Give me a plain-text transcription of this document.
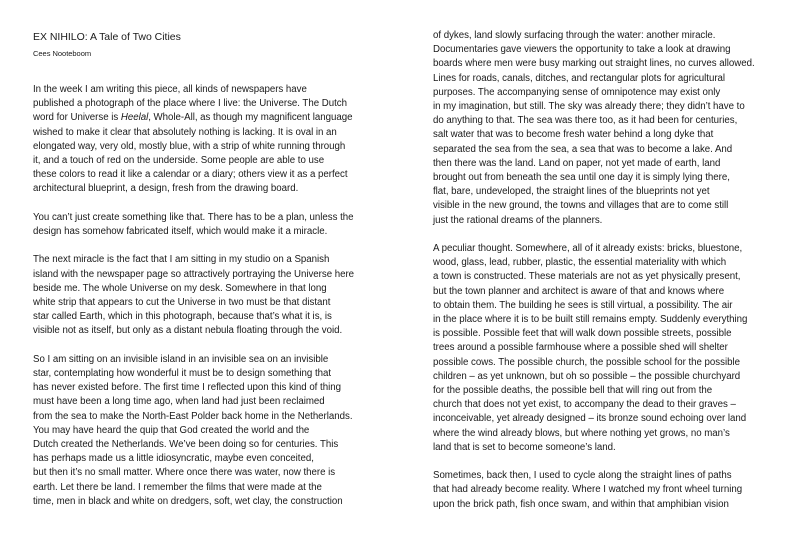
EX NIHILO: A Tale of Two Cities
Cees Nooteboom

In the week I am writing this piece, all kinds of newspapers have
published a photograph of the place where I live: the Universe. The Dutch
word for Universe is Heelal, Whole-All, as though my magnificent language
wished to make it clear that absolutely nothing is lacking. It is oval in an
elongated way, very old, mostly blue, with a strip of white running through
it, and a touch of red on the underside. Some people are able to use
these colors to read it like a calendar or a diary; others view it as a perfect
architectural blueprint, a design, fresh from the drawing board.

You can’t just create something like that. There has to be a plan, unless the
design has somehow fabricated itself, which would make it a miracle.

The next miracle is the fact that I am sitting in my studio on a Spanish
island with the newspaper page so attractively portraying the Universe here
beside me. The whole Universe on my desk. Somewhere in that long
white strip that appears to cut the Universe in two must be that distant
star called Earth, which in this photograph, because that’s what it is, is
visible not as itself, but only as a distant nebula floating through the void.

So I am sitting on an invisible island in an invisible sea on an invisible
star, contemplating how wonderful it must be to design something that
has never existed before. The first time I reflected upon this kind of thing
must have been a long time ago, when land had just been reclaimed
from the sea to make the North-East Polder back home in the Netherlands.
You may have heard the quip that God created the world and the
Dutch created the Netherlands. We’ve been doing so for centuries. This
has perhaps made us a little idiosyncratic, maybe even conceited,
but then it’s no small matter. Where once there was water, now there is
earth. Let there be land. I remember the films that were made at the
time, men in black and white on dredgers, soft, wet clay, the construction

of dykes, land slowly surfacing through the water: another miracle.
Documentaries gave viewers the opportunity to take a look at drawing
boards where men were busy marking out straight lines, no curves allowed.
Lines for roads, canals, ditches, and rectangular plots for agricultural
purposes. The accompanying sense of omnipotence may exist only
in my imagination, but still. The sky was already there; they didn’t have to
do anything to that. The sea was there too, as it had been for centuries,
salt water that was to become fresh water behind a long dyke that
separated the sea from the sea, a sea that was to become a lake. And
then there was the land. Land on paper, not yet made of earth, land
brought out from beneath the sea until one day it is simply lying there,
flat, bare, undeveloped, the straight lines of the blueprints not yet
visible in the new ground, the towns and villages that are to come still
just the rational dreams of the planners.

A peculiar thought. Somewhere, all of it already exists: bricks, bluestone,
wood, glass, lead, rubber, plastic, the essential materiality with which
a town is constructed. These materials are not as yet physically present,
but the town planner and architect is aware of that and knows where
to obtain them. The building he sees is still virtual, a possibility. The air
in the place where it is to be built still remains empty. Suddenly everything
is possible. Possible feet that will walk down possible streets, possible
trees around a possible farmhouse where a possible shed will shelter
possible cows. The possible church, the possible school for the possible
children – as yet unknown, but oh so possible – the possible churchyard
for the possible deaths, the possible bell that will ring out from the
church that does not yet exist, to accompany the dead to their graves –
inconceivable, yet already designed – its bronze sound echoing over land
where the wind already blows, but where nothing yet grows, no man’s
land that is set to become someone’s land.

Sometimes, back then, I used to cycle along the straight lines of paths
that had already become reality. Where I watched my front wheel turning
upon the brick path, fish once swam, and within that amphibian vision
